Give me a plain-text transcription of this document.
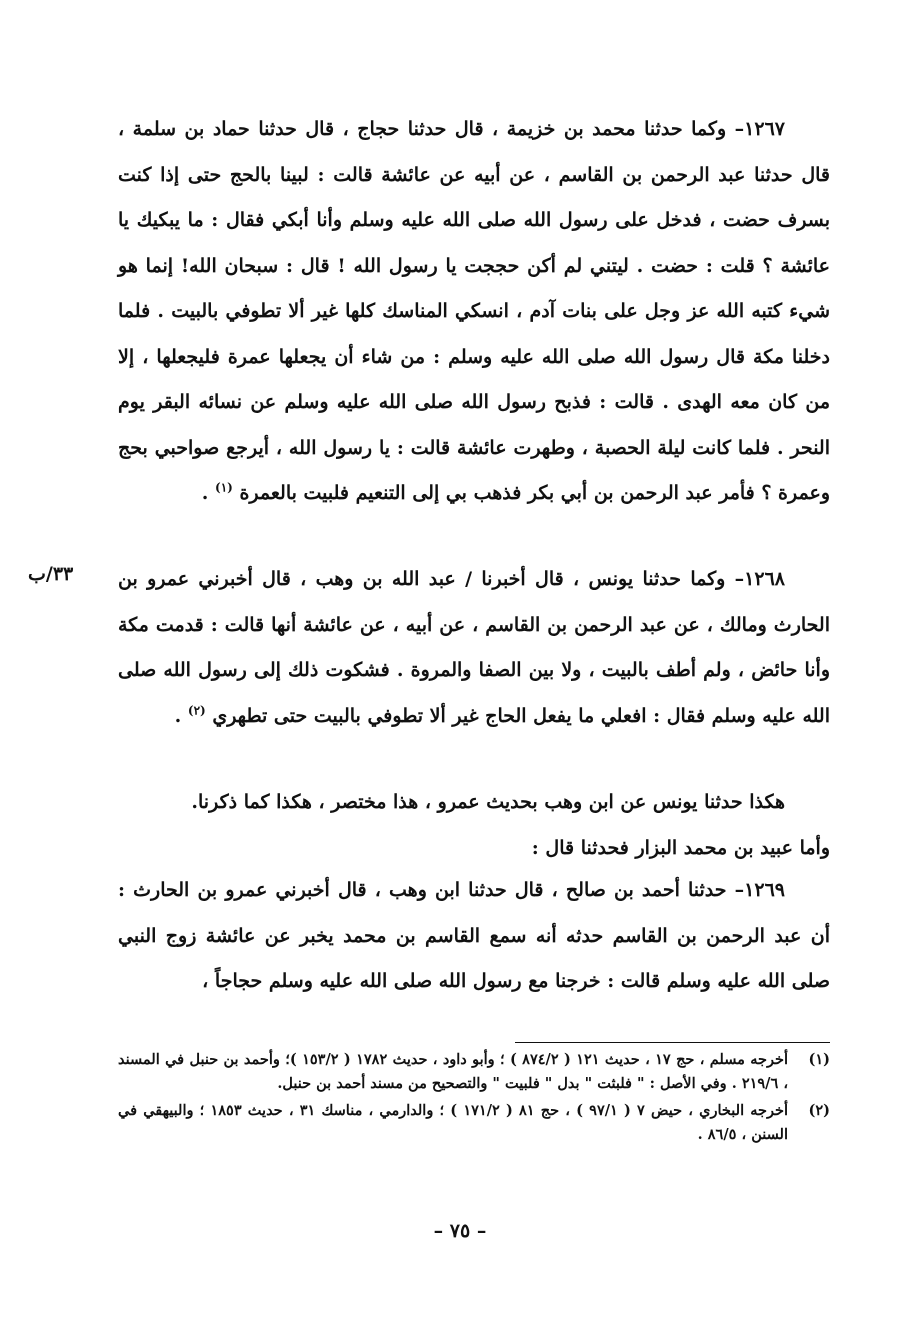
١٢٦٧– وكما حدثنا محمد بن خزيمة ، قال حدثنا حجاج ، قال حدثنا حماد بن سلمة ، قال حدثنا عبد الرحمن بن القاسم ، عن أبيه عن عائشة قالت : لبينا بالحج حتى إذا كنت بسرف حضت ، فدخل على رسول الله صلى الله عليه وسلم وأنا أبكي فقال : ما يبكيك يا عائشة ؟ قلت : حضت . ليتني لم أكن حججت يا رسول الله ! قال : سبحان الله! إنما هو شيء كتبه الله عز وجل على بنات آدم ، انسكي المناسك كلها غير ألا تطوفي بالبيت . فلما دخلنا مكة قال رسول الله صلى الله عليه وسلم : من شاء أن يجعلها عمرة فليجعلها ، إلا من كان معه الهدى . قالت : فذبح رسول الله صلى الله عليه وسلم عن نسائه البقر يوم النحر . فلما كانت ليلة الحصبة ، وطهرت عائشة قالت : يا رسول الله ، أيرجع صواحبي بحج وعمرة ؟ فأمر عبد الرحمن بن أبي بكر فذهب بي إلى التنعيم فلبيت بالعمرة $^{(١)}$ .

٣٣/ب	١٢٦٨– وكما حدثنا يونس ، قال أخبرنا / عبد الله بن وهب ، قال أخبرني عمرو بن الحارث ومالك ، عن عبد الرحمن بن القاسم ، عن أبيه ، عن عائشة أنها قالت : قدمت مكة وأنا حائض ، ولم أطف بالبيت ، ولا بين الصفا والمروة . فشكوت ذلك إلى رسول الله صلى الله عليه وسلم فقال : افعلي ما يفعل الحاج غير ألا تطوفي بالبيت حتى تطهري $^{(٢)}$ .

هكذا حدثنا يونس عن ابن وهب بحديث عمرو ، هذا مختصر ، هكذا كما ذكرنا.

وأما عبيد بن محمد البزار فحدثنا قال :

١٢٦٩– حدثنا أحمد بن صالح ، قال حدثنا ابن وهب ، قال أخبرني عمرو بن الحارث : أن عبد الرحمن بن القاسم حدثه أنه سمع القاسم بن محمد يخبر عن عائشة زوج النبي صلى الله عليه وسلم قالت : خرجنا مع رسول الله صلى الله عليه وسلم حجاجاً ،

(١)
أخرجه مسلم ، حج ١٧ ، حديث ١٢١ ( ٨٧٤/٢ ) ؛ وأبو داود ، حديث ١٧٨٢ ( ١٥٣/٢ )؛ وأحمد بن حنبل في المسند ، ٢١٩/٦ . وفي الأصل : " فلبثت " بدل " فلبيت " والتصحيح من مسند أحمد بن حنبل.
(٢)
أخرجه البخاري ، حيض ٧ ( ٩٧/١ ) ، حج ٨١ ( ١٧١/٢ ) ؛ والدارمي ، مناسك ٣١ ، حديث ١٨٥٣ ؛ والبيهقي في السنن ، ٨٦/٥ .
– ٧٥ –
